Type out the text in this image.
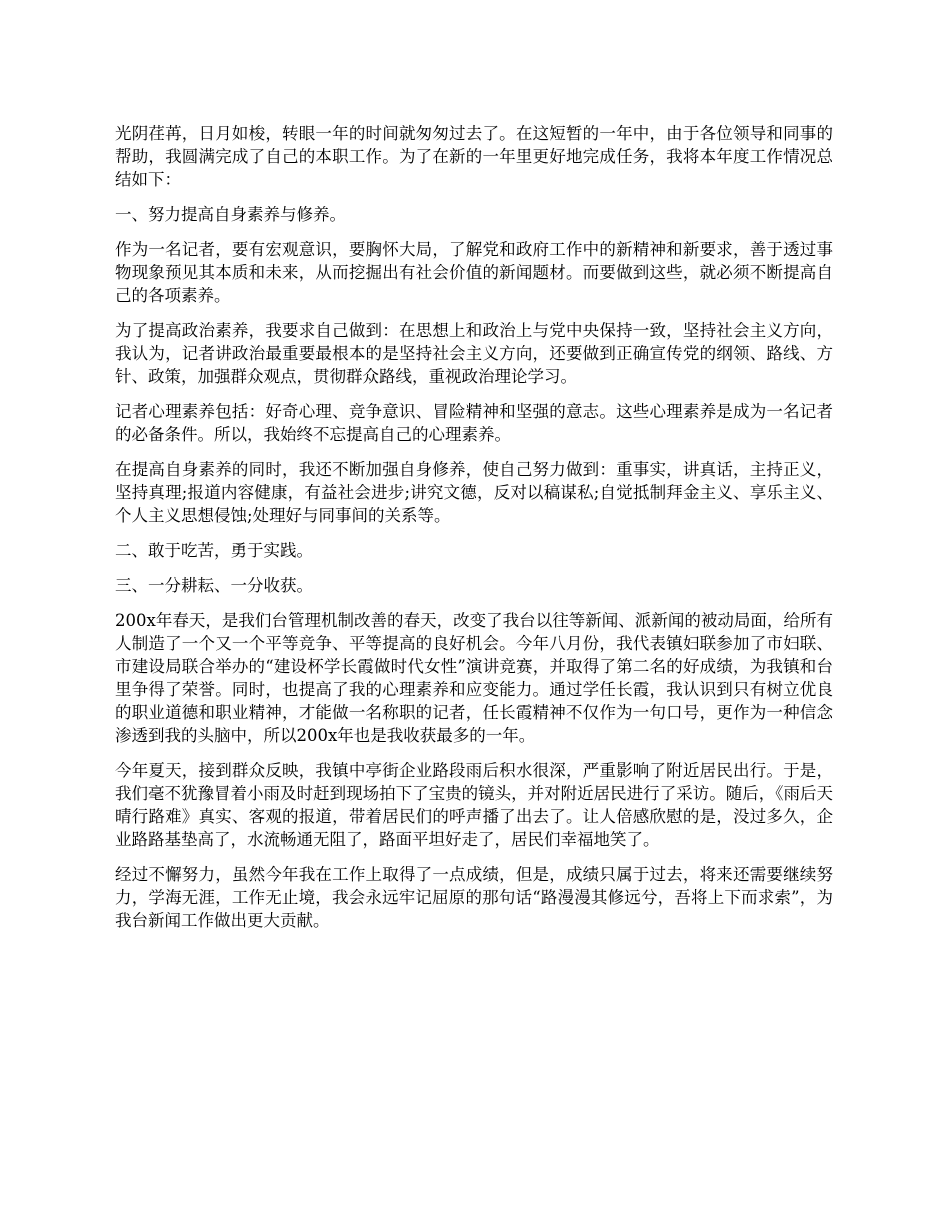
光阴荏苒，日月如梭，转眼一年的时间就匆匆过去了。在这短暂的一年中，由于各位领导和同事的帮助，我圆满完成了自己的本职工作。为了在新的一年里更好地完成任务，我将本年度工作情况总结如下：

一、努力提高自身素养与修养。

作为一名记者，要有宏观意识，要胸怀大局，了解党和政府工作中的新精神和新要求，善于透过事物现象预见其本质和未来，从而挖掘出有社会价值的新闻题材。而要做到这些，就必须不断提高自己的各项素养。

为了提高政治素养，我要求自己做到：在思想上和政治上与党中央保持一致，坚持社会主义方向，我认为，记者讲政治最重要最根本的是坚持社会主义方向，还要做到正确宣传党的纲领、路线、方针、政策，加强群众观点，贯彻群众路线，重视政治理论学习。

记者心理素养包括：好奇心理、竞争意识、冒险精神和坚强的意志。这些心理素养是成为一名记者的必备条件。所以，我始终不忘提高自己的心理素养。

在提高自身素养的同时，我还不断加强自身修养，使自己努力做到：重事实，讲真话，主持正义，坚持真理;报道内容健康，有益社会进步;讲究文德，反对以稿谋私;自觉抵制拜金主义、享乐主义、个人主义思想侵蚀;处理好与同事间的关系等。

二、敢于吃苦，勇于实践。

三、一分耕耘、一分收获。

200x年春天，是我们台管理机制改善的春天，改变了我台以往等新闻、派新闻的被动局面，给所有人制造了一个又一个平等竞争、平等提高的良好机会。今年八月份，我代表镇妇联参加了市妇联、市建设局联合举办的“建设杯学长霞做时代女性”演讲竞赛，并取得了第二名的好成绩，为我镇和台里争得了荣誉。同时，也提高了我的心理素养和应变能力。通过学任长霞，我认识到只有树立优良的职业道德和职业精神，才能做一名称职的记者，任长霞精神不仅作为一句口号，更作为一种信念渗透到我的头脑中，所以200x年也是我收获最多的一年。

今年夏天，接到群众反映，我镇中亭街企业路段雨后积水很深，严重影响了附近居民出行。于是，我们毫不犹豫冒着小雨及时赶到现场拍下了宝贵的镜头，并对附近居民进行了采访。随后，《雨后天晴行路难》真实、客观的报道，带着居民们的呼声播了出去了。让人倍感欣慰的是，没过多久，企业路路基垫高了，水流畅通无阻了，路面平坦好走了，居民们幸福地笑了。

经过不懈努力，虽然今年我在工作上取得了一点成绩，但是，成绩只属于过去，将来还需要继续努力，学海无涯，工作无止境，我会永远牢记屈原的那句话“路漫漫其修远兮，吾将上下而求索”，为我台新闻工作做出更大贡献。
